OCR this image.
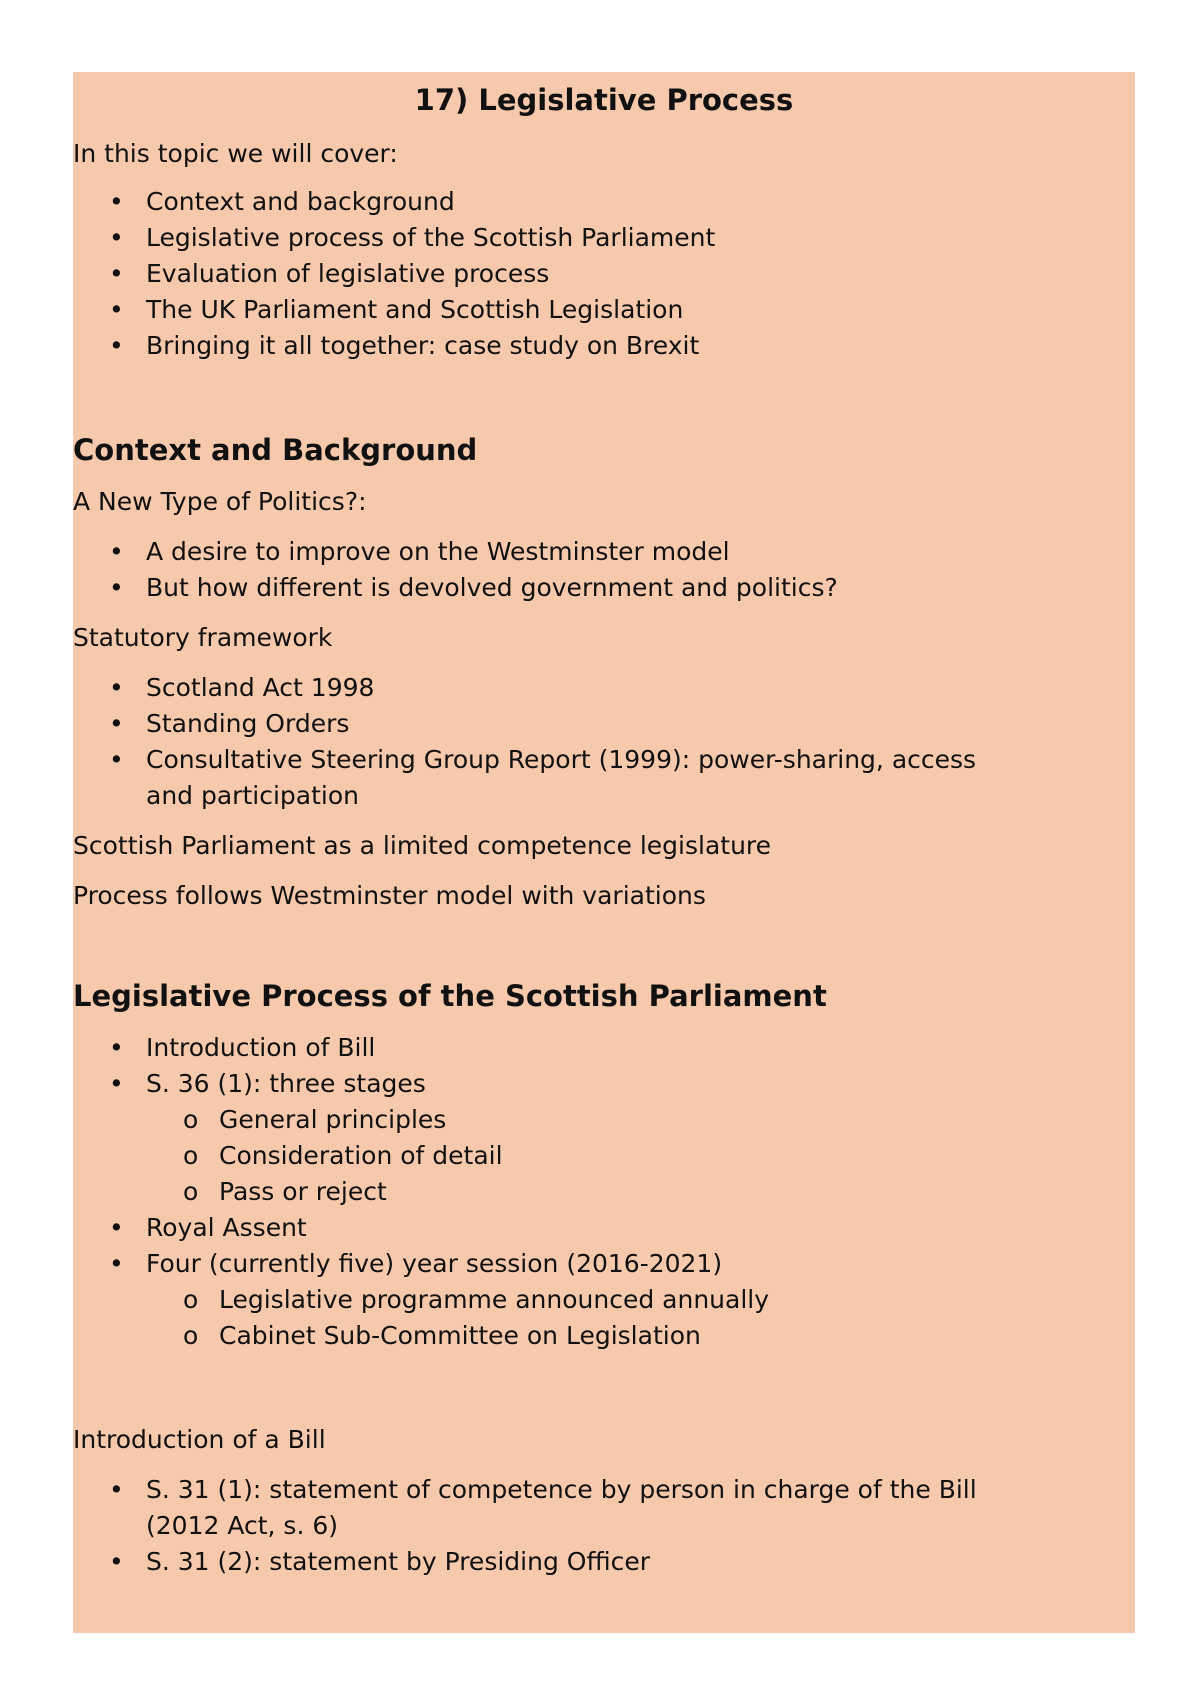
17) Legislative Process

In this topic we will cover:

• Context and background
• Legislative process of the Scottish Parliament
• Evaluation of legislative process
• The UK Parliament and Scottish Legislation
• Bringing it all together: case study on Brexit
Context and Background

A New Type of Politics?:

• A desire to improve on the Westminster model
• But how different is devolved government and politics?

Statutory framework

• Scotland Act 1998
• Standing Orders
• Consultative Steering Group Report (1999): power-sharing, access and participation

Scottish Parliament as a limited competence legislature

Process follows Westminster model with variations

Legislative Process of the Scottish Parliament
• Introduction of Bill
• S. 36 (1): three stages
o General principles
o Consideration of detail
o Pass or reject
• Royal Assent
• Four (currently five) year session (2016-2021)
o Legislative programme announced annually
o Cabinet Sub-Committee on Legislation

Introduction of a Bill

• S. 31 (1): statement of competence by person in charge of the Bill (2012 Act, s. 6)
• S. 31 (2): statement by Presiding Officer
